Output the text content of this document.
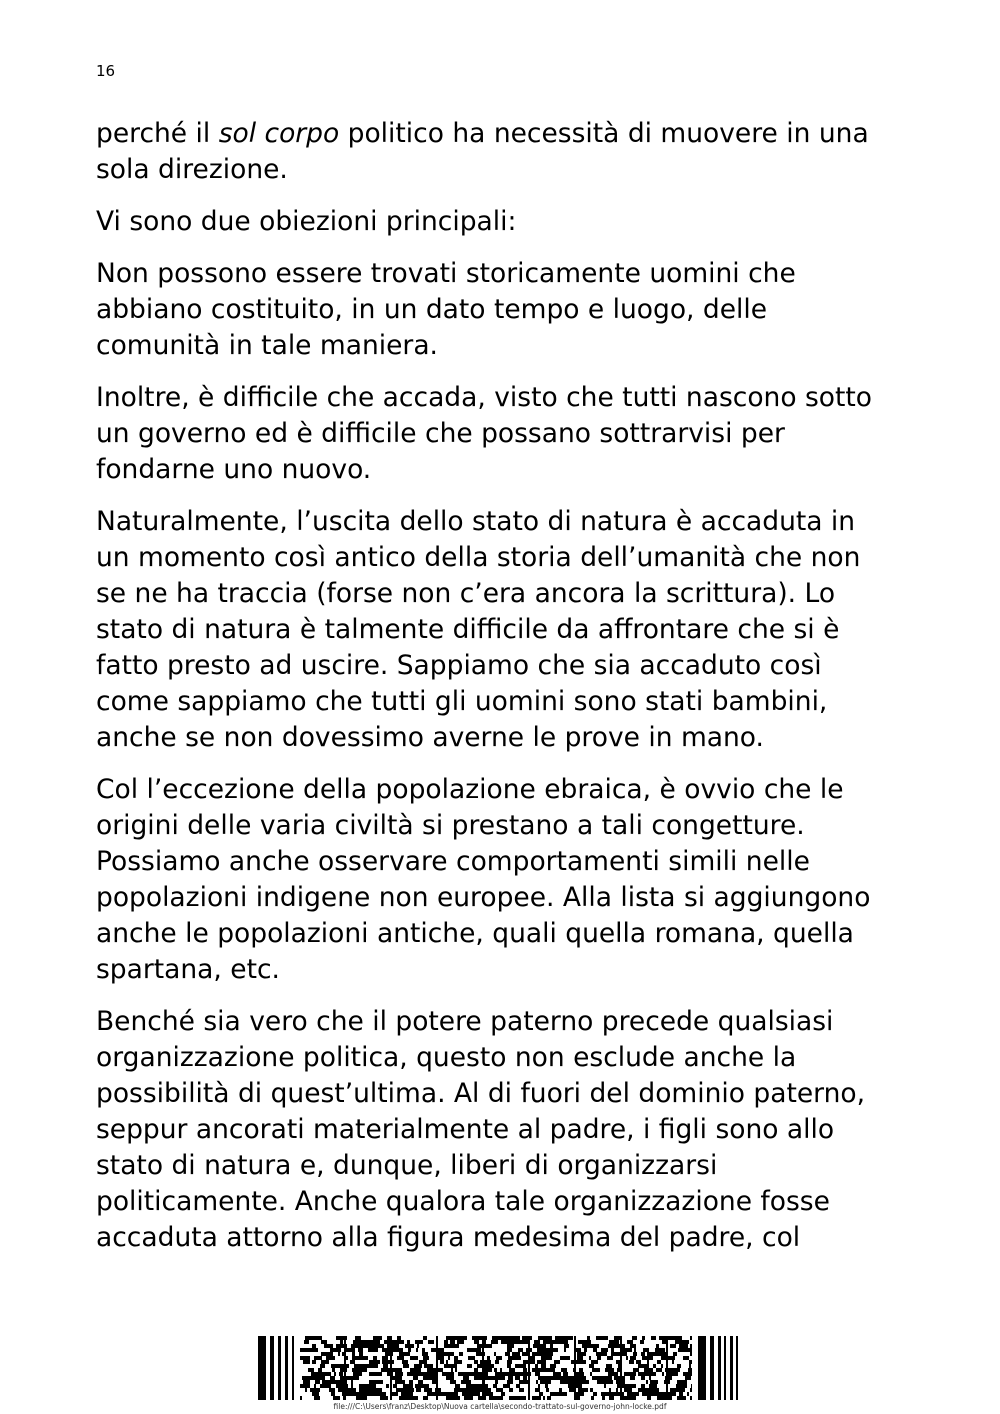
16

perché il sol corpo politico ha necessità di muovere in una sola direzione.

Vi sono due obiezioni principali:

Non possono essere trovati storicamente uomini che abbiano costituito, in un dato tempo e luogo, delle comunità in tale maniera.

Inoltre, è difficile che accada, visto che tutti nascono sotto un governo ed è difficile che possano sottrarvisi per fondarne uno nuovo.

Naturalmente, l’uscita dello stato di natura è accaduta in un momento così antico della storia dell’umanità che non se ne ha traccia (forse non c’era ancora la scrittura). Lo stato di natura è talmente difficile da affrontare che si è fatto presto ad uscire. Sappiamo che sia accaduto così come sappiamo che tutti gli uomini sono stati bambini, anche se non dovessimo averne le prove in mano.

Col l’eccezione della popolazione ebraica, è ovvio che le origini delle varia civiltà si prestano a tali congetture. Possiamo anche osservare comportamenti simili nelle popolazioni indigene non europee. Alla lista si aggiungono anche le popolazioni antiche, quali quella romana, quella spartana, etc.

Benché sia vero che il potere paterno precede qualsiasi organizzazione politica, questo non esclude anche la possibilità di quest’ultima. Al di fuori del dominio paterno, seppur ancorati materialmente al padre, i figli sono allo stato di natura e, dunque, liberi di organizzarsi politicamente. Anche qualora tale organizzazione fosse accaduta attorno alla figura medesima del padre, col

file:///C:\Users\franz\Desktop\Nuova cartella\secondo-trattato-sul-governo-john-locke.pdf
